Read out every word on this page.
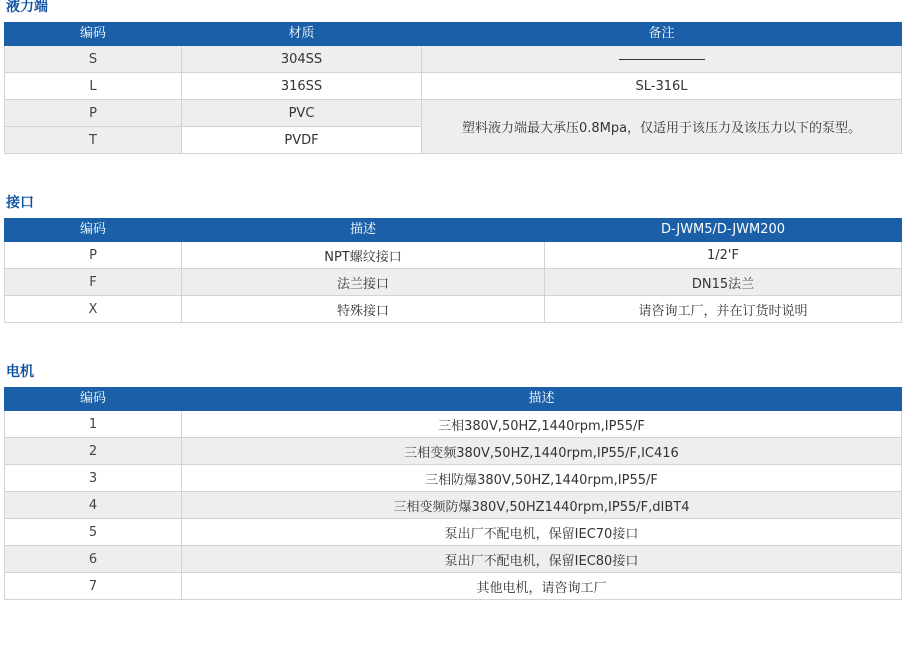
液力端
编码	材质	备注
S	304SS	
L	316SS	SL-316L
P	PVC	塑料液力端最大承压0.8Mpa，仅适用于该压力及该压力以下的泵型。
T	PVDF	
接口
编码	描述	D-JWM5/D-JWM200
P	NPT螺纹接口	1/2'F
F	法兰接口	DN15法兰
X	特殊接口	请咨询工厂，并在订货时说明
电机
编码	描述
1	三相380V,50HZ,1440rpm,IP55/F
2	三相变频380V,50HZ,1440rpm,IP55/F,IC416
3	三相防爆380V,50HZ,1440rpm,IP55/F
4	三相变频防爆380V,50HZ1440rpm,IP55/F,dIBT4
5	泵出厂不配电机，保留IEC70接口
6	泵出厂不配电机，保留IEC80接口
7	其他电机，请咨询工厂
